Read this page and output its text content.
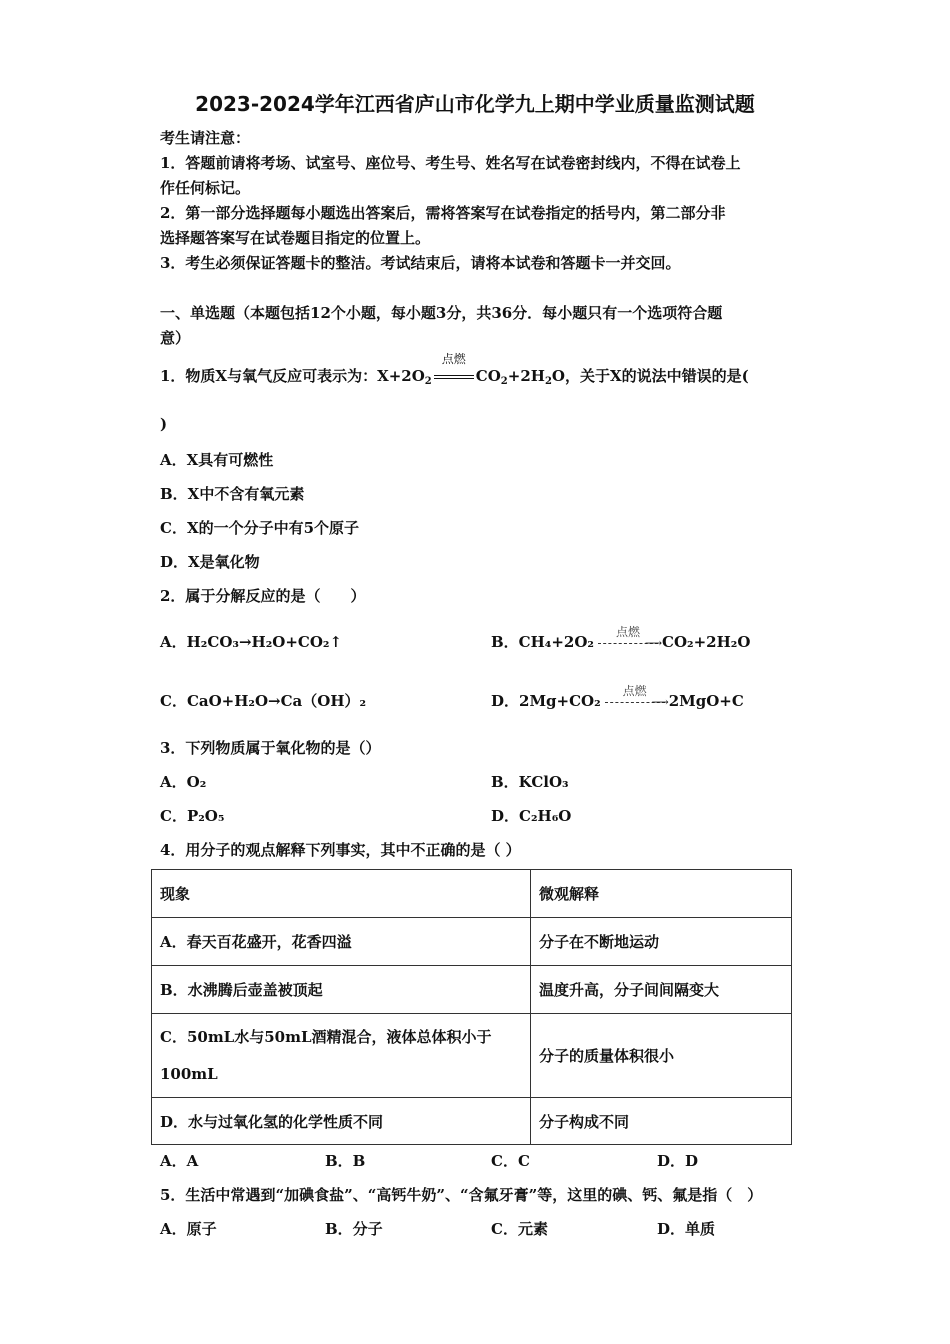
2023-2024学年江西省庐山市化学九上期中学业质量监测试题
考生请注意：
1．答题前请将考场、试室号、座位号、考生号、姓名写在试卷密封线内，不得在试卷上
作任何标记。
2．第一部分选择题每小题选出答案后，需将答案写在试卷指定的括号内，第二部分非
选择题答案写在试卷题目指定的位置上。
3．考生必须保证答题卡的整洁。考试结束后，请将本试卷和答题卡一并交回。
一、单选题（本题包括12个小题，每小题3分，共36分．每小题只有一个选项符合题
意）
1．物质X与氧气反应可表示为：$X+2O_2$
点燃
$CO_2+2H_2O$，关于X的说法中错误的是(
)
A．X具有可燃性
B．X中不含有氧元素
C．X的一个分子中有5个原子
D．X是氧化物
2．属于分解反应的是（　　）
A．H₂CO₃→H₂O+CO₂↑	B．CH₄+2O₂
点燃
⟶ CO₂+2H₂O
C．CaO+H₂O→Ca（OH）₂	D．2Mg+CO₂
点燃
⟶ 2MgO+C
3．下列物质属于氧化物的是（）
A．O₂	B．KClO₃
C．P₂O₅	D．C₂H₆O
4．用分子的观点解释下列事实，其中不正确的是（ ）
现象	微观解释
A．春天百花盛开，花香四溢	分子在不断地运动
B．水沸腾后壶盖被顶起	温度升高，分子间间隔变大

C．50mL水与50mL酒精混合，液体总体积小于
100mL	分子的质量体积很小
D．水与过氧化氢的化学性质不同	分子构成不同
A．A	B．B	C．C	D．D
5．生活中常遇到“加碘食盐”、“高钙牛奶”、“含氟牙膏”等，这里的碘、钙、氟是指（　）
A．原子	B．分子	C．元素	D．单质
